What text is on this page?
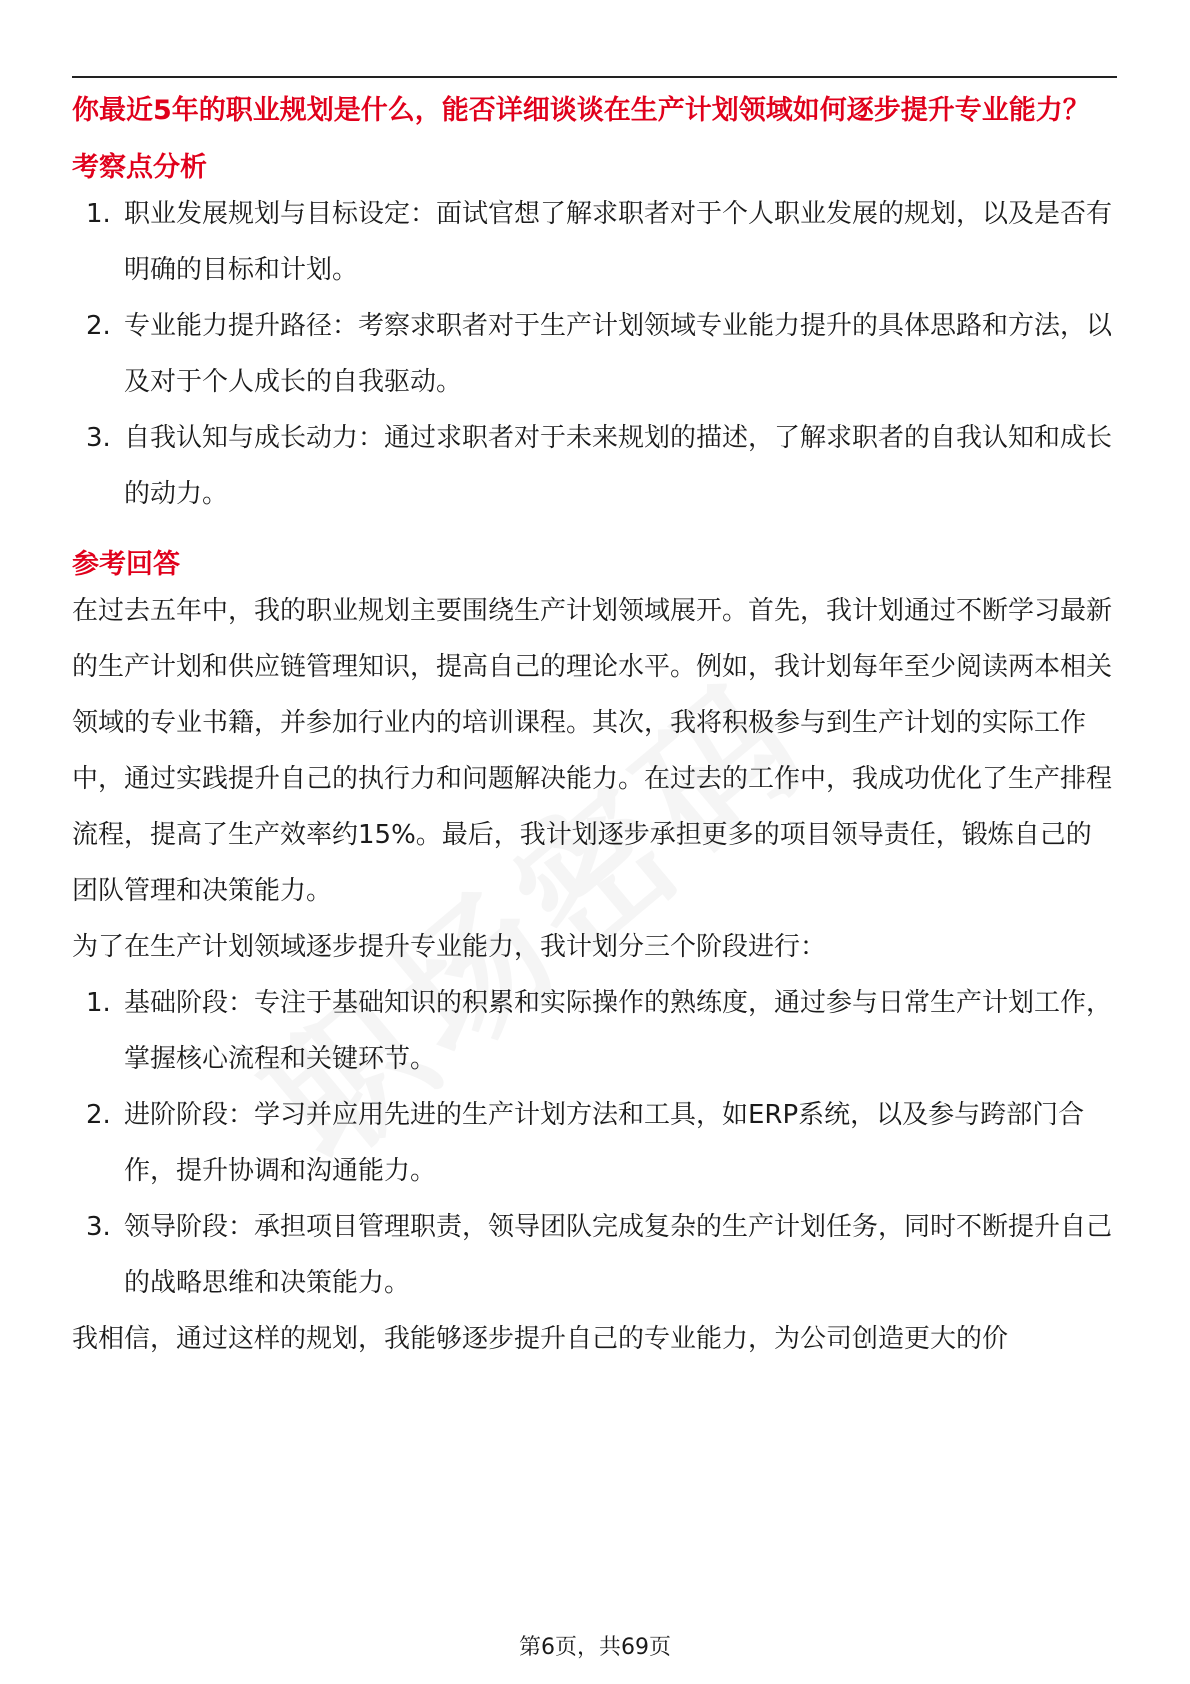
你最近5年的职业规划是什么，能否详细谈谈在生产计划领域如何逐步提升专业能力？

考察点分析
1. 职业发展规划与目标设定：面试官想了解求职者对于个人职业发展的规划，以及是否有明确的目标和计划。
2. 专业能力提升路径：考察求职者对于生产计划领域专业能力提升的具体思路和方法，以及对于个人成长的自我驱动。
3. 自我认知与成长动力：通过求职者对于未来规划的描述，了解求职者的自我认知和成长的动力。
参考回答

在过去五年中，我的职业规划主要围绕生产计划领域展开。首先，我计划通过不断学习最新的生产计划和供应链管理知识，提高自己的理论水平。例如，我计划每年至少阅读两本相关领域的专业书籍，并参加行业内的培训课程。其次，我将积极参与到生产计划的实际工作中，通过实践提升自己的执行力和问题解决能力。在过去的工作中，我成功优化了生产排程流程，提高了生产效率约15%。最后，我计划逐步承担更多的项目领导责任，锻炼自己的团队管理和决策能力。

为了在生产计划领域逐步提升专业能力，我计划分三个阶段进行：

1. 基础阶段：专注于基础知识的积累和实际操作的熟练度，通过参与日常生产计划工作，掌握核心流程和关键环节。
2. 进阶阶段：学习并应用先进的生产计划方法和工具，如ERP系统，以及参与跨部门合作，提升协调和沟通能力。
3. 领导阶段：承担项目管理职责，领导团队完成复杂的生产计划任务，同时不断提升自己的战略思维和决策能力。

我相信，通过这样的规划，我能够逐步提升自己的专业能力，为公司创造更大的价

第6页，共69页
